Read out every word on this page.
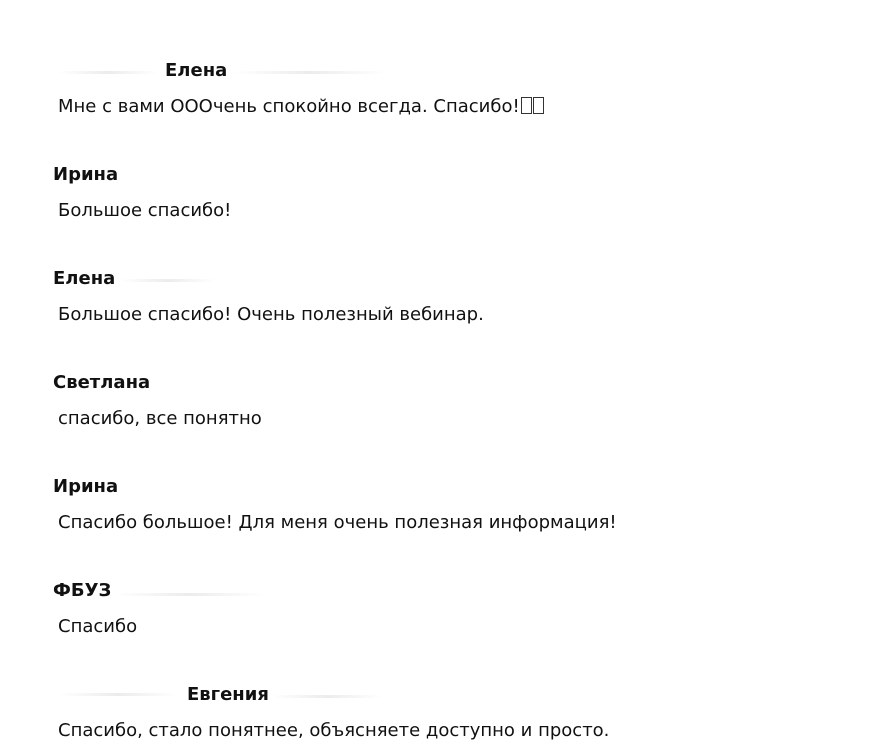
Елена
Мне с вами ОООчень спокойно всегда. Спасибо!
Ирина
Большое спасибо!
Елена
Большое спасибо! Очень полезный вебинар.
Светлана
спасибо, все понятно
Ирина
Спасибо большое! Для меня очень полезная информация!
ФБУЗ
Спасибо
Евгения
Спасибо, стало понятнее, объясняете доступно и просто.
